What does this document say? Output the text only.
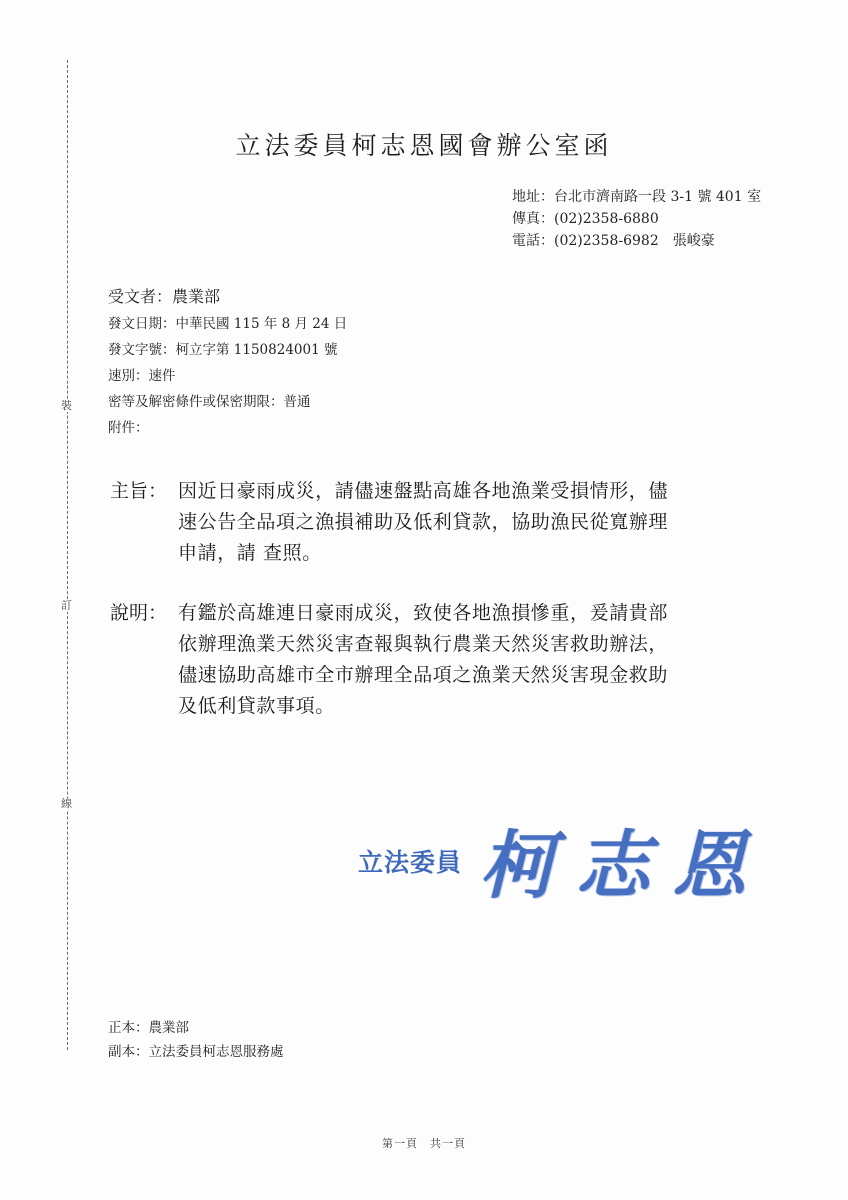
裝
訂
線
立法委員柯志恩國會辦公室函
地址：台北市濟南路一段 3-1 號 401 室
傳真：(02)2358-6880
電話：(02)2358-6982　張峻豪
受文者：農業部
發文日期：中華民國 115 年 8 月 24 日
發文字號：柯立字第 1150824001 號
速別：速件
密等及解密條件或保密期限：普通
附件：
主旨： 因近日豪雨成災，請儘速盤點高雄各地漁業受損情形，儘
速公告全品項之漁損補助及低利貸款，協助漁民從寬辦理
申請，請 查照。
說明： 有鑑於高雄連日豪雨成災，致使各地漁損慘重，爰請貴部
依辦理漁業天然災害查報與執行農業天然災害救助辦法，
儘速協助高雄市全市辦理全品項之漁業天然災害現金救助
及低利貸款事項。
立法委員 柯志恩
正本：農業部
副本：立法委員柯志恩服務處
第一頁　共一頁
